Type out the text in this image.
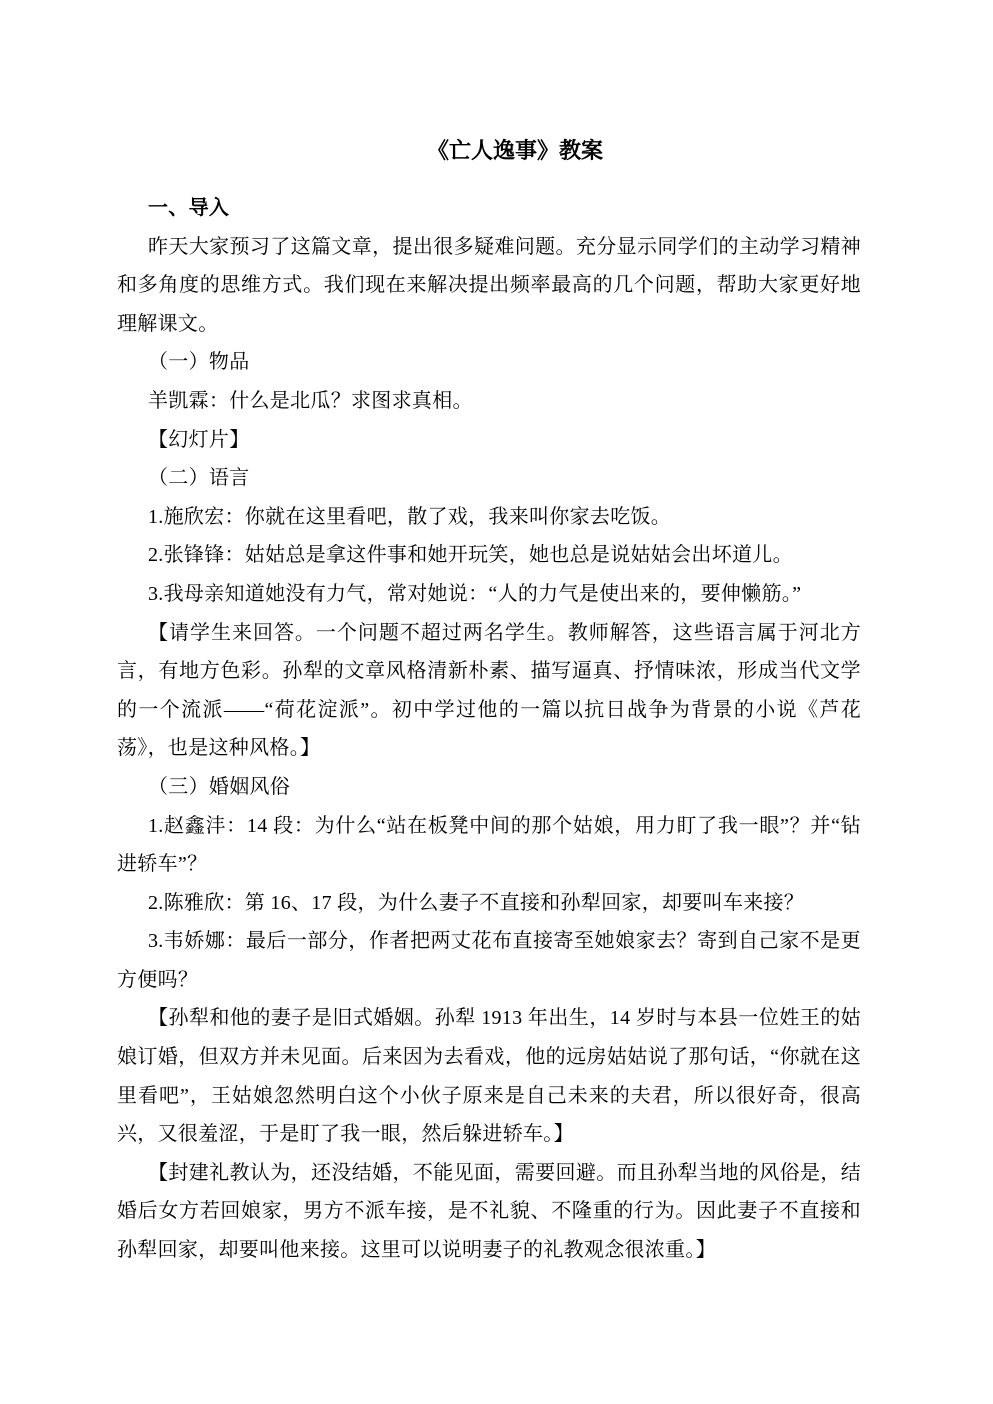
《亡人逸事》教案

一、导入

昨天大家预习了这篇文章，提出很多疑难问题。充分显示同学们的主动学习精神和多角度的思维方式。我们现在来解决提出频率最高的几个问题，帮助大家更好地理解课文。

（一）物品

羊凯霖：什么是北瓜？求图求真相。

【幻灯片】

（二）语言

1.施欣宏：你就在这里看吧，散了戏，我来叫你家去吃饭。

2.张锋锋：姑姑总是拿这件事和她开玩笑，她也总是说姑姑会出坏道儿。

3.我母亲知道她没有力气，常对她说：“人的力气是使出来的，要伸懒筋。”

【请学生来回答。一个问题不超过两名学生。教师解答，这些语言属于河北方言，有地方色彩。孙犁的文章风格清新朴素、描写逼真、抒情味浓，形成当代文学的一个流派——“荷花淀派”。初中学过他的一篇以抗日战争为背景的小说《芦花荡》，也是这种风格。】

（三）婚姻风俗

1.赵鑫沣：14 段：为什么“站在板凳中间的那个姑娘，用力盯了我一眼”？并“钻进轿车”？

2.陈雅欣：第 16、17 段，为什么妻子不直接和孙犁回家，却要叫车来接？

3.韦娇娜：最后一部分，作者把两丈花布直接寄至她娘家去？寄到自己家不是更方便吗？

【孙犁和他的妻子是旧式婚姻。孙犁 1913 年出生，14 岁时与本县一位姓王的姑娘订婚，但双方并未见面。后来因为去看戏，他的远房姑姑说了那句话，“你就在这里看吧”，王姑娘忽然明白这个小伙子原来是自己未来的夫君，所以很好奇，很高兴，又很羞涩，于是盯了我一眼，然后躲进轿车。】

【封建礼教认为，还没结婚，不能见面，需要回避。而且孙犁当地的风俗是，结婚后女方若回娘家，男方不派车接，是不礼貌、不隆重的行为。因此妻子不直接和孙犁回家，却要叫他来接。这里可以说明妻子的礼教观念很浓重。】
